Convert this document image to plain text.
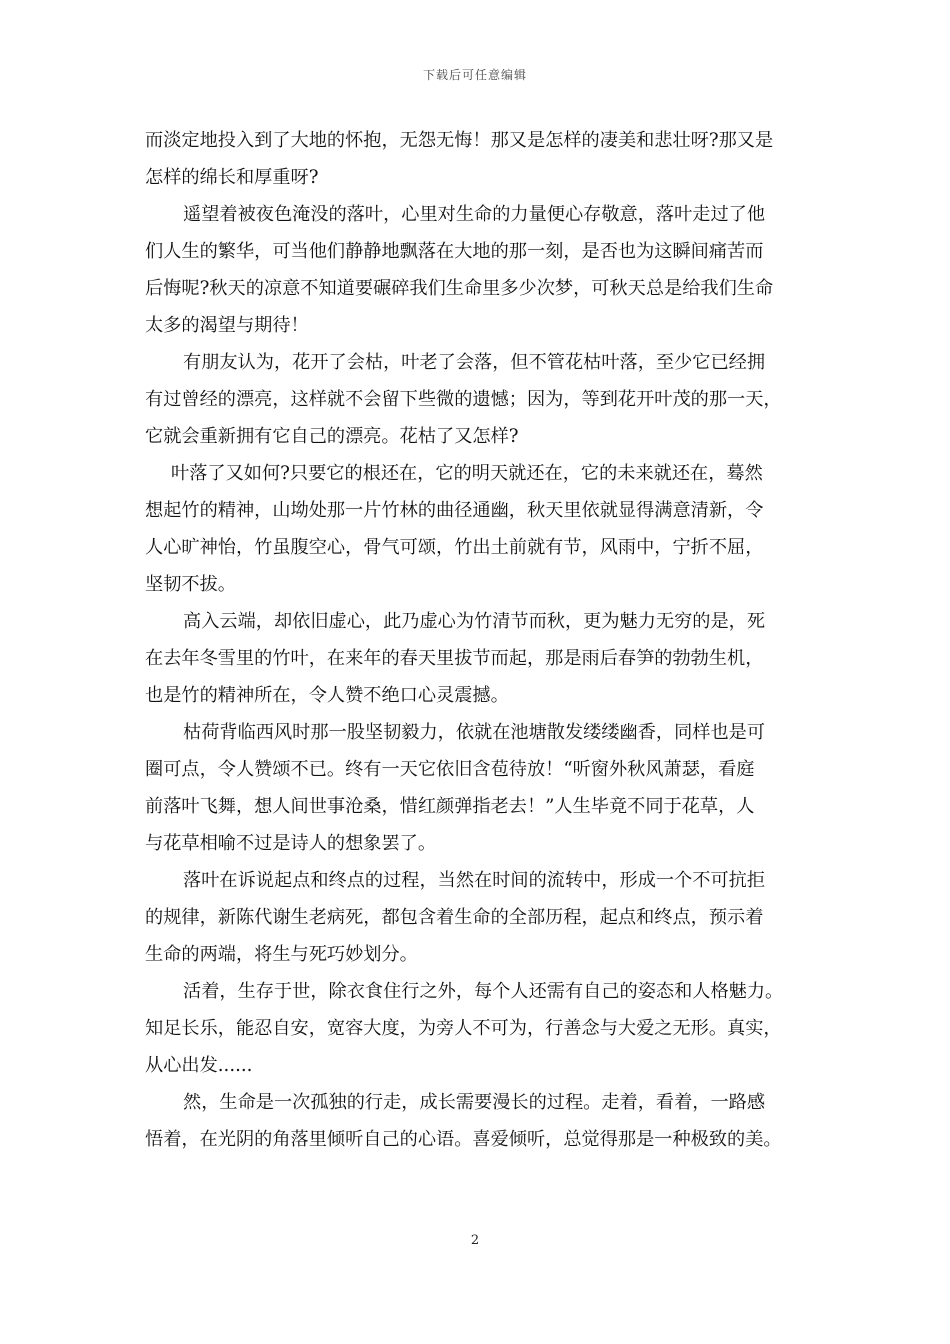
下载后可任意编辑
而淡定地投入到了大地的怀抱，无怨无悔！那又是怎样的凄美和悲壮呀?那又是
怎样的绵长和厚重呀?
遥望着被夜色淹没的落叶，心里对生命的力量便心存敬意，落叶走过了他
们人生的繁华，可当他们静静地飘落在大地的那一刻，是否也为这瞬间痛苦而
后悔呢?秋天的凉意不知道要碾碎我们生命里多少次梦，可秋天总是给我们生命
太多的渴望与期待！
有朋友认为，花开了会枯，叶老了会落，但不管花枯叶落，至少它已经拥
有过曾经的漂亮，这样就不会留下些微的遗憾；因为，等到花开叶茂的那一天，
它就会重新拥有它自己的漂亮。花枯了又怎样?
叶落了又如何?只要它的根还在，它的明天就还在，它的未来就还在，蓦然
想起竹的精神，山坳处那一片竹林的曲径通幽，秋天里依就显得满意清新，令
人心旷神怡，竹虽腹空心，骨气可颂，竹出土前就有节，风雨中，宁折不屈，
坚韧不拔。
高入云端，却依旧虚心，此乃虚心为竹清节而秋，更为魅力无穷的是，死
在去年冬雪里的竹叶，在来年的春天里拔节而起，那是雨后春笋的勃勃生机，
也是竹的精神所在，令人赞不绝口心灵震撼。
枯荷背临西风时那一股坚韧毅力，依就在池塘散发缕缕幽香，同样也是可
圈可点，令人赞颂不已。终有一天它依旧含苞待放！“听窗外秋风萧瑟，看庭
前落叶飞舞，想人间世事沧桑，惜红颜弹指老去！”人生毕竟不同于花草，人
与花草相喻不过是诗人的想象罢了。
落叶在诉说起点和终点的过程，当然在时间的流转中，形成一个不可抗拒
的规律，新陈代谢生老病死，都包含着生命的全部历程，起点和终点，预示着
生命的两端，将生与死巧妙划分。
活着，生存于世，除衣食住行之外，每个人还需有自己的姿态和人格魅力。
知足长乐，能忍自安，宽容大度，为旁人不可为，行善念与大爱之无形。真实，
从心出发......
然，生命是一次孤独的行走，成长需要漫长的过程。走着，看着，一路感
悟着，在光阴的角落里倾听自己的心语。喜爱倾听，总觉得那是一种极致的美。
2
